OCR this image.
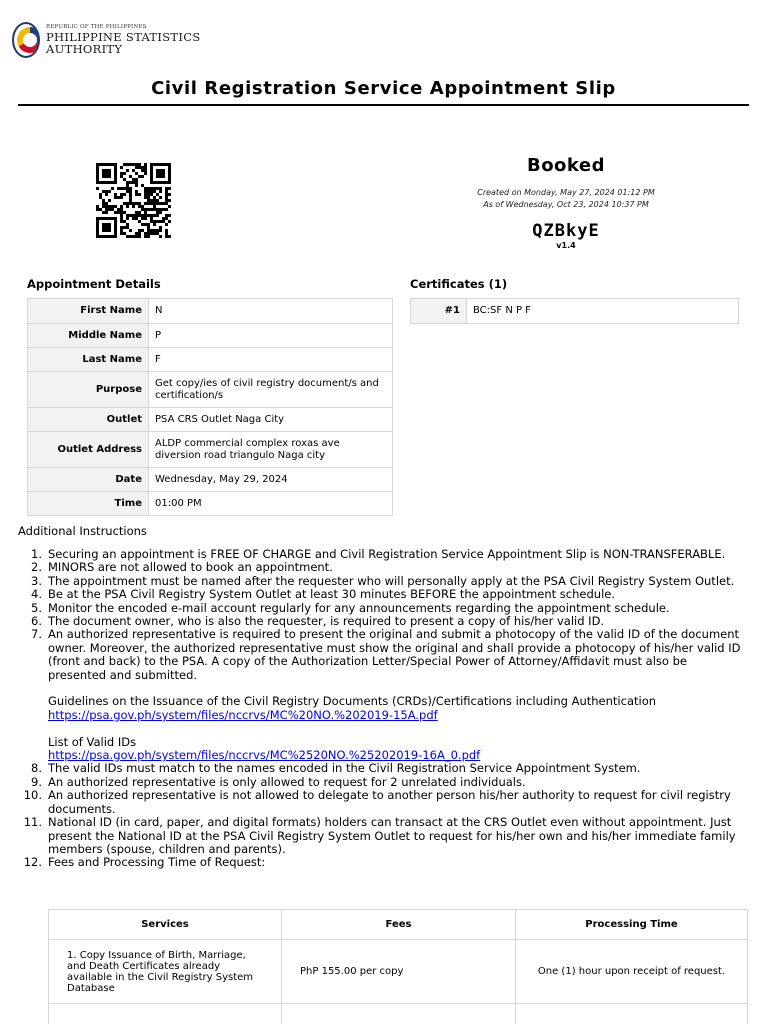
REPUBLIC OF THE PHILIPPINES
PHILIPPINE STATISTICS AUTHORITY
Civil Registration Service Appointment Slip
Booked
Created on Monday, May 27, 2024 01:12 PM
As of Wednesday, Oct 23, 2024 10:37 PM
QZBkyE
v1.4
Appointment Details
First Name	N
Middle Name	P
Last Name	F
Purpose	Get copy/ies of civil registry document/s and certification/s
Outlet	PSA CRS Outlet Naga City
Outlet Address	ALDP commercial complex roxas ave diversion road triangulo Naga city
Date	Wednesday, May 29, 2024
Time	01:00 PM
Certificates (1)
#1	BC:SF N P F
Additional Instructions
1. Securing an appointment is FREE OF CHARGE and Civil Registration Service Appointment Slip is NON-TRANSFERABLE.
2. MINORS are not allowed to book an appointment.
3. The appointment must be named after the requester who will personally apply at the PSA Civil Registry System Outlet.
4. Be at the PSA Civil Registry System Outlet at least 30 minutes BEFORE the appointment schedule.
5. Monitor the encoded e-mail account regularly for any announcements regarding the appointment schedule.
6. The document owner, who is also the requester, is required to present a copy of his/her valid ID.
7. An authorized representative is required to present the original and submit a photocopy of the valid ID of the document owner. Moreover, the authorized representative must show the original and shall provide a photocopy of his/her valid ID (front and back) to the PSA. A copy of the Authorization Letter/Special Power of Attorney/Affidavit must also be presented and submitted.
Guidelines on the Issuance of the Civil Registry Documents (CRDs)/Certifications including Authentication
https://psa.gov.ph/system/files/nccrvs/MC%20NO.%202019-15A.pdf
List of Valid IDs
https://psa.gov.ph/system/files/nccrvs/MC%2520NO.%25202019-16A_0.pdf
8. The valid IDs must match to the names encoded in the Civil Registration Service Appointment System.
9. An authorized representative is only allowed to request for 2 unrelated individuals.
10. An authorized representative is not allowed to delegate to another person his/her authority to request for civil registry documents.
11. National ID (in card, paper, and digital formats) holders can transact at the CRS Outlet even without appointment. Just present the National ID at the PSA Civil Registry System Outlet to request for his/her own and his/her immediate family members (spouse, children and parents).
12. Fees and Processing Time of Request:
Services	Fees	Processing Time
1. Copy Issuance of Birth, Marriage, and Death Certificates already available in the Civil Registry System Database	PhP 155.00 per copy	One (1) hour upon receipt of request.
